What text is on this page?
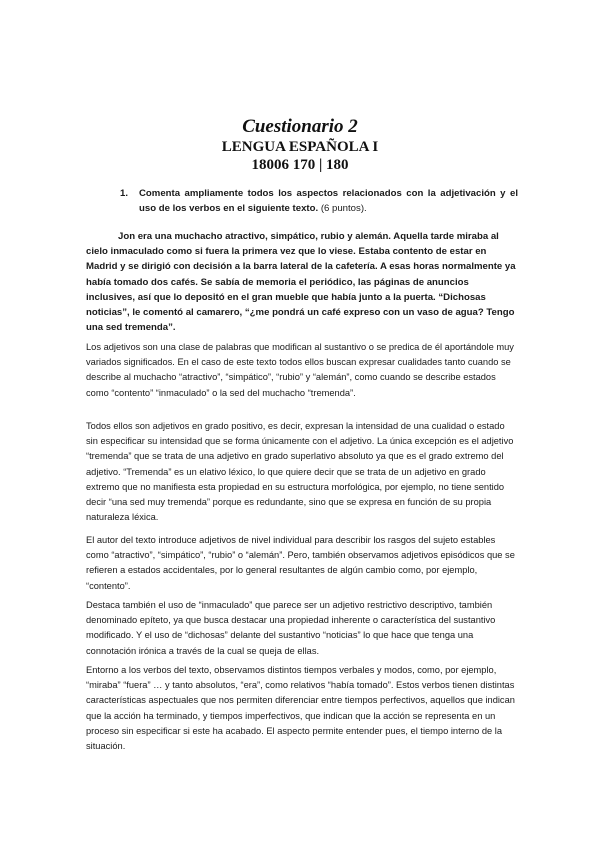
Cuestionario 2

LENGUA ESPAÑOLA I

18006 170 | 180

1.	Comenta ampliamente todos los aspectos relacionados con la adjetivación y el uso de los verbos en el siguiente texto. (6 puntos).

Jon era una muchacho atractivo, simpático, rubio y alemán. Aquella tarde miraba al cielo inmaculado como si fuera la primera vez que lo viese. Estaba contento de estar en Madrid y se dirigió con decisión a la barra lateral de la cafetería. A esas horas normalmente ya había tomado dos cafés. Se sabía de memoria el periódico, las páginas de anuncios inclusives, así que lo depositó en el gran mueble que había junto a la puerta. “Dichosas noticias”, le comentó al camarero, “¿me pondrá un café expreso con un vaso de agua? Tengo una sed tremenda”.

Los adjetivos son una clase de palabras que modifican al sustantivo o se predica de él aportándole muy variados significados. En el caso de este texto todos ellos buscan expresar cualidades tanto cuando se describe al muchacho “atractivo”, “simpático”, “rubio” y “alemán”, como cuando se describe estados como “contento” “inmaculado” o la sed del muchacho “tremenda”.

Todos ellos son adjetivos en grado positivo, es decir, expresan la intensidad de una cualidad o estado sin especificar su intensidad que se forma únicamente con el adjetivo. La única excepción es el adjetivo “tremenda” que se trata de una adjetivo en grado superlativo absoluto ya que es el grado extremo del adjetivo. “Tremenda” es un elativo léxico, lo que quiere decir que se trata de un adjetivo en grado extremo que no manifiesta esta propiedad en su estructura morfológica, por ejemplo, no tiene sentido decir “una sed muy tremenda” porque es redundante, sino que se expresa en función de su propia naturaleza léxica.

El autor del texto introduce adjetivos de nivel individual para describir los rasgos del sujeto estables como “atractivo”, “simpático”, “rubio” o “alemán”. Pero, también observamos adjetivos episódicos que se refieren a estados accidentales, por lo general resultantes de algún cambio como, por ejemplo, “contento”.

Destaca también el uso de “inmaculado” que parece ser un adjetivo restrictivo descriptivo, también denominado epíteto, ya que busca destacar una propiedad inherente o característica del sustantivo modificado. Y el uso de “dichosas” delante del sustantivo “noticias” lo que hace que tenga una connotación irónica a través de la cual se queja de ellas.

Entorno a los verbos del texto, observamos distintos tiempos verbales y modos, como, por ejemplo, “miraba” “fuera” … y tanto absolutos, “era”, como relativos “había tomado”. Estos verbos tienen distintas características aspectuales que nos permiten diferenciar entre tiempos perfectivos, aquellos que indican que la acción ha terminado, y tiempos imperfectivos, que indican que la acción se representa en un proceso sin especificar si este ha acabado. El aspecto permite entender pues, el tiempo interno de la situación.
